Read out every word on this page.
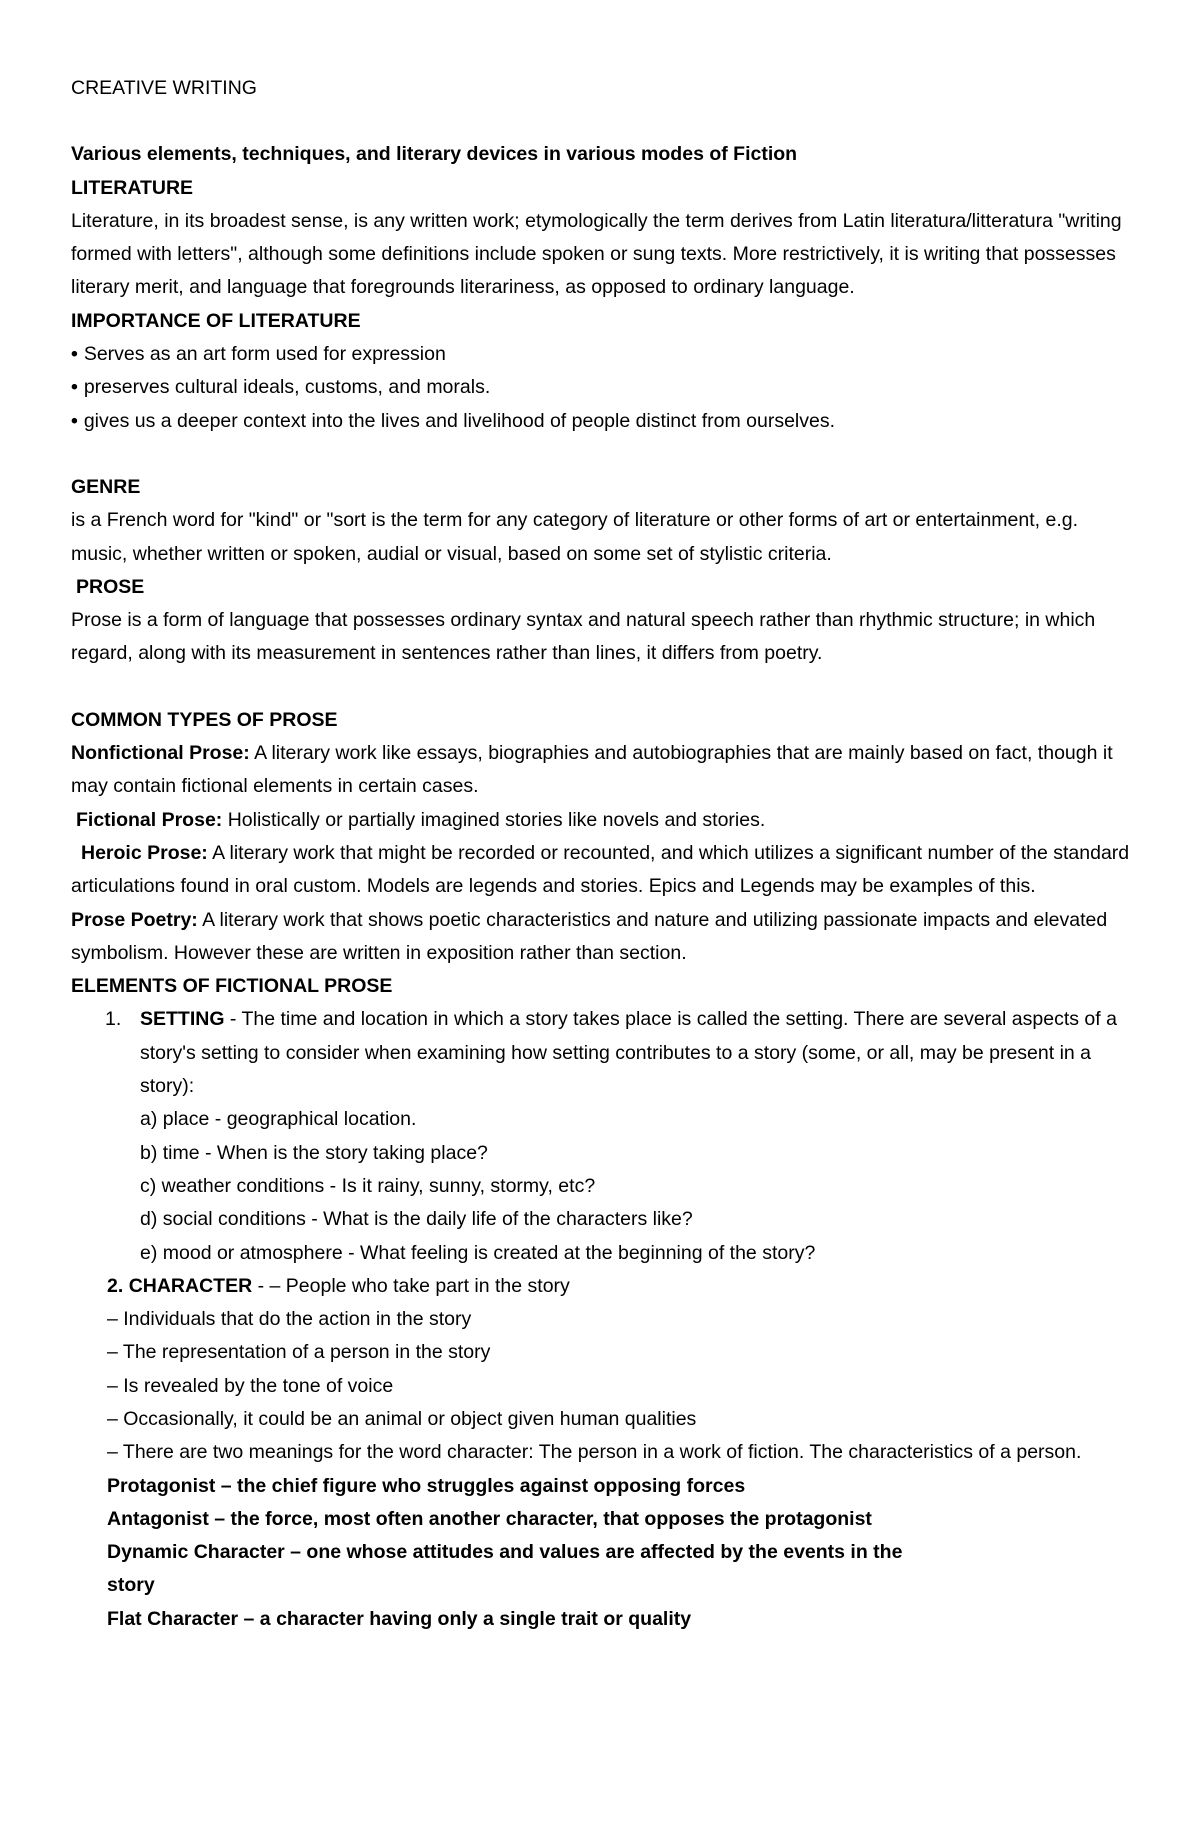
CREATIVE WRITING

Various elements, techniques, and literary devices in various modes of Fiction

LITERATURE

Literature, in its broadest sense, is any written work; etymologically the term derives from Latin literatura/litteratura "writing formed with letters", although some definitions include spoken or sung texts. More restrictively, it is writing that possesses literary merit, and language that foregrounds literariness, as opposed to ordinary language.

IMPORTANCE OF LITERATURE

• Serves as an art form used for expression

• preserves cultural ideals, customs, and morals.

• gives us a deeper context into the lives and livelihood of people distinct from ourselves.

GENRE

is a French word for "kind" or "sort is the term for any category of literature or other forms of art or entertainment, e.g. music, whether written or spoken, audial or visual, based on some set of stylistic criteria.

PROSE

Prose is a form of language that possesses ordinary syntax and natural speech rather than rhythmic structure; in which regard, along with its measurement in sentences rather than lines, it differs from poetry.

COMMON TYPES OF PROSE

Nonfictional Prose: A literary work like essays, biographies and autobiographies that are mainly based on fact, though it may contain fictional elements in certain cases.

Fictional Prose: Holistically or partially imagined stories like novels and stories.

Heroic Prose: A literary work that might be recorded or recounted, and which utilizes a significant number of the standard articulations found in oral custom. Models are legends and stories. Epics and Legends may be examples of this.

Prose Poetry: A literary work that shows poetic characteristics and nature and utilizing passionate impacts and elevated symbolism. However these are written in exposition rather than section.

ELEMENTS OF FICTIONAL PROSE

1. SETTING - The time and location in which a story takes place is called the setting. There are several aspects of a story's setting to consider when examining how setting contributes to a story (some, or all, may be present in a story):

a) place - geographical location.

b) time - When is the story taking place?

c) weather conditions - Is it rainy, sunny, stormy, etc?

d) social conditions - What is the daily life of the characters like?

e) mood or atmosphere - What feeling is created at the beginning of the story?

2. CHARACTER - – People who take part in the story

– Individuals that do the action in the story

– The representation of a person in the story

– Is revealed by the tone of voice

– Occasionally, it could be an animal or object given human qualities

– There are two meanings for the word character: The person in a work of fiction. The characteristics of a person.

Protagonist – the chief figure who struggles against opposing forces

Antagonist – the force, most often another character, that opposes the protagonist

Dynamic Character – one whose attitudes and values are affected by the events in the story

Flat Character – a character having only a single trait or quality
